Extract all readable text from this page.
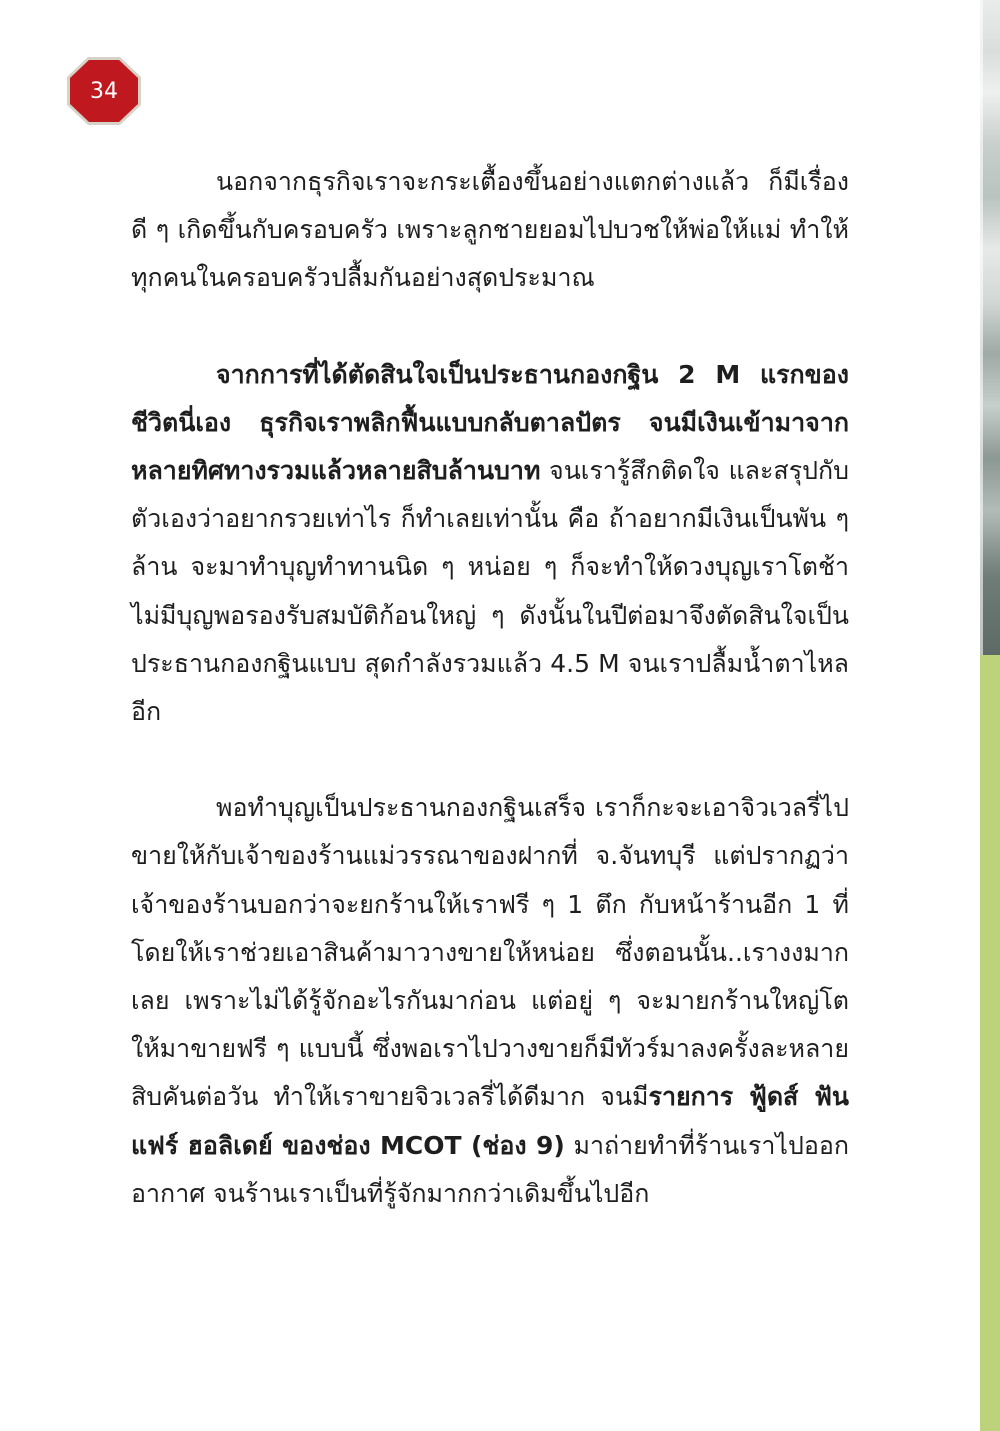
34

นอกจากธุรกิจเราจะกระเตื้องขึ้นอย่างแตกต่างแล้ว ก็มีเรื่องดี ๆ เกิดขึ้นกับครอบครัว เพราะลูกชายยอมไปบวชให้พ่อให้แม่ ทำให้ทุกคนในครอบครัวปลื้มกันอย่างสุดประมาณ

จากการที่ได้ตัดสินใจเป็นประธานกองกฐิน 2 M แรกของชีวิตนี่เอง ธุรกิจเราพลิกฟื้นแบบกลับตาลปัตร จนมีเงินเข้ามาจากหลายทิศทางรวมแล้วหลายสิบล้านบาท จนเรารู้สึกติดใจ และสรุปกับตัวเองว่าอยากรวยเท่าไร ก็ทำเลยเท่านั้น คือ ถ้าอยากมีเงินเป็นพัน ๆ ล้าน จะมาทำบุญทำทานนิด ๆ หน่อย ๆ ก็จะทำให้ดวงบุญเราโตช้า ไม่มีบุญพอรองรับสมบัติก้อนใหญ่ ๆ ดังนั้นในปีต่อมาจึงตัดสินใจเป็นประธานกองกฐินแบบ สุดกำลังรวมแล้ว 4.5 M จนเราปลื้มน้ำตาไหลอีก

พอทำบุญเป็นประธานกองกฐินเสร็จ เราก็กะจะเอาจิวเวลรี่ไปขายให้กับเจ้าของร้านแม่วรรณาของฝากที่ จ.จันทบุรี แต่ปรากฏว่า เจ้าของร้านบอกว่าจะยกร้านให้เราฟรี ๆ 1 ตึก กับหน้าร้านอีก 1 ที่ โดยให้เราช่วยเอาสินค้ามาวางขายให้หน่อย ซึ่งตอนนั้น..เรางงมากเลย เพราะไม่ได้รู้จักอะไรกันมาก่อน แต่อยู่ ๆ จะมายกร้านใหญ่โตให้มาขายฟรี ๆ แบบนี้ ซึ่งพอเราไปวางขายก็มีทัวร์มาลงครั้งละหลายสิบคันต่อวัน ทำให้เราขายจิวเวลรี่ได้ดีมาก จนมีรายการ ฟู้ดส์ ฟัน แฟร์ ฮอลิเดย์ ของช่อง MCOT (ช่อง 9) มาถ่ายทำที่ร้านเราไปออกอากาศ จนร้านเราเป็นที่รู้จักมากกว่าเดิมขึ้นไปอีก
